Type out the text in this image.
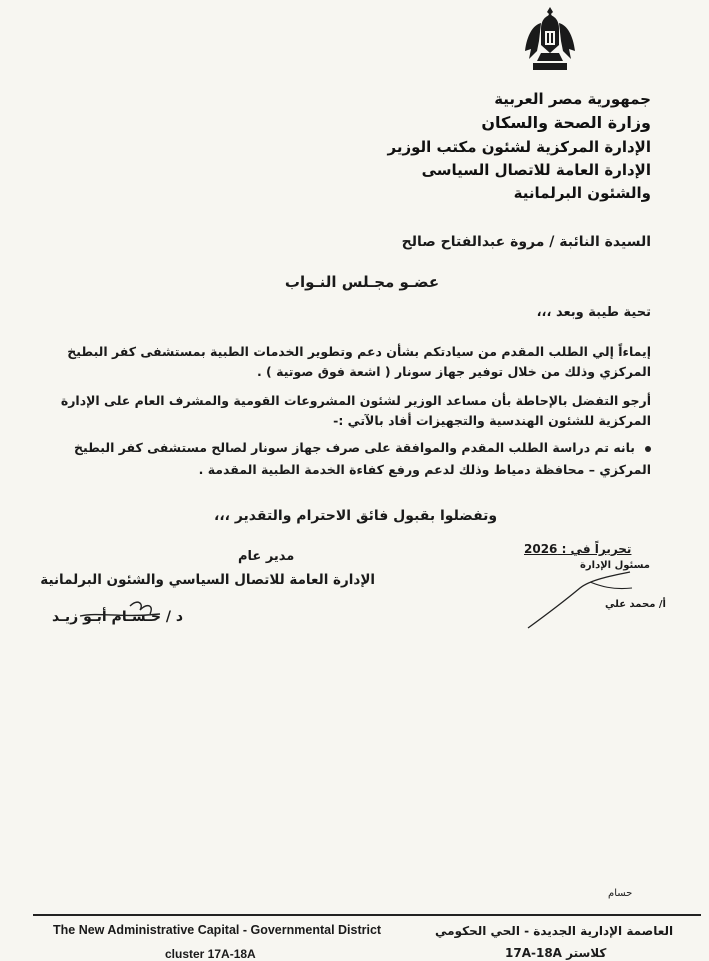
جمهورية مصر العربية
وزارة الصحة والسكان
الإدارة المركزية لشئون مكتب الوزير
الإدارة العامة للاتصال السياسى
والشئون البرلمانية
السيدة النائبة / مروة عبدالفتاح صالح
عضـو مجـلس النـواب
تحية طيبة وبعد ،،،
إيماءاً إلي الطلب المقدم من سيادتكم بشأن دعم وتطوير الخدمات الطبية بمستشفى كفر البطيخ المركزي وذلك من خلال توفير جهاز سونار ( اشعة فوق صوتية ) .
أرجو التفضل بالإحاطة بأن مساعد الوزير لشئون المشروعات القومية والمشرف العام على الإدارة المركزية للشئون الهندسية والتجهيزات أفاد بالآتي :-
بانه تم دراسة الطلب المقدم والموافقة على صرف جهاز سونار لصالح مستشفى كفر البطيخ المركزي – محافظة دمياط وذلك لدعم ورفع كفاءة الخدمة الطبية المقدمة .
وتفضلوا بقبول فائق الاحترام والتقدير ،،،
مدير عام
الإدارة العامة للاتصال السياسي والشئون البرلمانية
د / حـسـام أبـو زيـد
تحريراً في : 2026
مسئول الإدارة
أ/ محمد علي
حسام
The New Administrative Capital - Governmental District	العاصمة الإدارية الجديدة - الحي الحكومي
cluster 17A-18A	كلاستر 17A-18A
